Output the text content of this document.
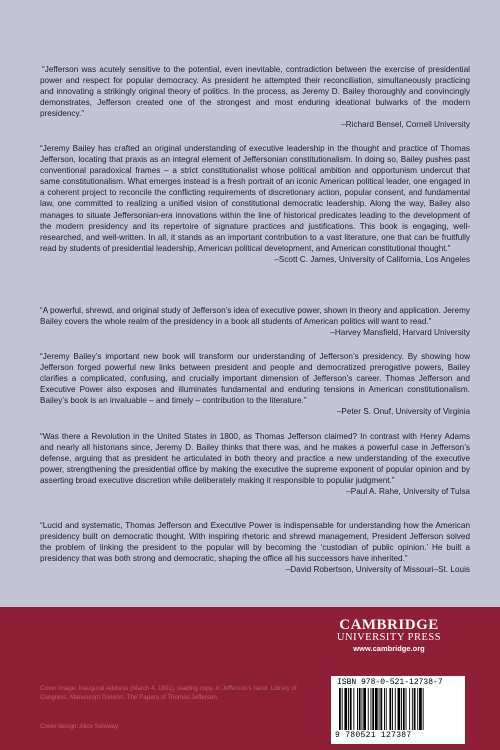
“Jefferson was acutely sensitive to the potential, even inevitable, contradiction between the exercise of presidential power and respect for popular democracy. As president he attempted their reconciliation, simultaneously practicing and innovating a strikingly original theory of politics. In the process, as Jeremy D. Bailey thoroughly and convincingly demonstrates, Jefferson created one of the strongest and most enduring ideational bulwarks of the modern presidency.”

–Richard Bensel, Cornell University

“Jeremy Bailey has crafted an original understanding of executive leadership in the thought and practice of Thomas Jefferson, locating that praxis as an integral element of Jeffersonian constitutionalism. In doing so, Bailey pushes past conventional paradoxical frames – a strict constitutionalist whose political ambition and opportunism undercut that same constitutionalism. What emerges instead is a fresh portrait of an iconic American political leader, one engaged in a coherent project to reconcile the conflicting requirements of discretionary action, popular consent, and fundamental law, one committed to realizing a unified vision of constitutional democratic leadership. Along the way, Bailey also manages to situate Jeffersonian-era innovations within the line of historical predicates leading to the development of the modern presidency and its repertoire of signature practices and justifications. This book is engaging, well-researched, and well-written. In all, it stands as an important contribution to a vast literature, one that can be fruitfully read by students of presidential leadership, American political development, and American constitutional thought.”

–Scott C. James, University of California, Los Angeles

“A powerful, shrewd, and original study of Jefferson’s idea of executive power, shown in theory and application. Jeremy Bailey covers the whole realm of the presidency in a book all students of American politics will want to read.”

–Harvey Mansfield, Harvard University

“Jeremy Bailey’s important new book will transform our understanding of Jefferson’s presidency. By showing how Jefferson forged powerful new links between president and people and democratized prerogative powers, Bailey clarifies a complicated, confusing, and crucially important dimension of Jefferson’s career. Thomas Jefferson and Executive Power also exposes and illuminates fundamental and enduring tensions in American constitutionalism. Bailey’s book is an invaluable – and timely – contribution to the literature.”

–Peter S. Onuf, University of Virginia

“Was there a Revolution in the United States in 1800, as Thomas Jefferson claimed? In contrast with Henry Adams and nearly all historians since, Jeremy D. Bailey thinks that there was, and he makes a powerful case in Jefferson’s defense, arguing that as president he articulated in both theory and practice a new understanding of the executive power, strengthening the presidential office by making the executive the supreme exponent of popular opinion and by asserting broad executive discretion while deliberately making it responsible to popular judgment.”

–Paul A. Rahe, University of Tulsa

“Lucid and systematic, Thomas Jefferson and Executive Power is indispensable for understanding how the American presidency built on democratic thought. With inspiring rhetoric and shrewd management, President Jefferson solved the problem of linking the president to the popular will by becoming the ‘custodian of public opinion.’ He built a presidency that was both strong and democratic, shaping the office all his successors have inherited.”

–David Robertson, University of Missouri–St. Louis

CAMBRIDGE
UNIVERSITY PRESS
www.cambridge.org
Cover image: Inaugural Address (March 4, 1801), reading copy, in Jefferson’s hand. Library of Congress, Manuscript Division, The Papers of Thomas Jefferson.
Cover design: Alice Soloway
ISBN 978-0-521-12738-7
9 780521 127387
